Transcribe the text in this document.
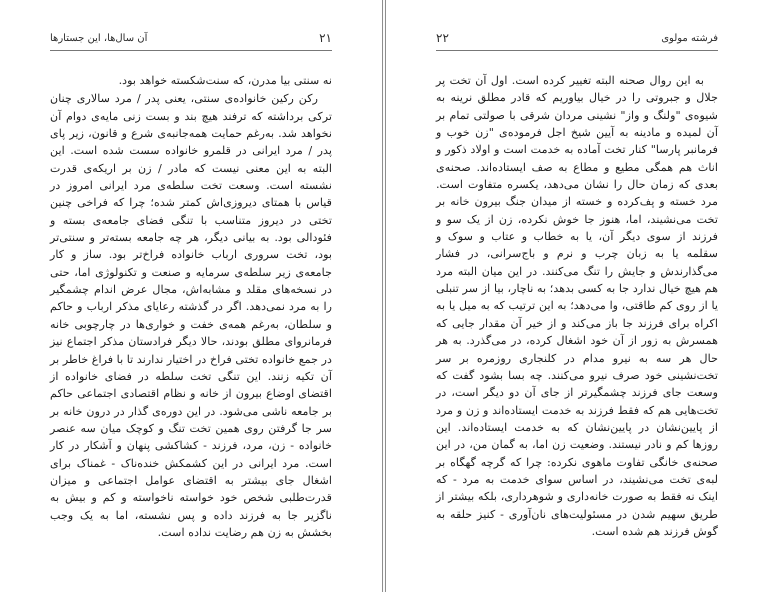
آن سال‌ها، این جستارها	۲۱

نه سنتی بیا مدرن، که سنت‌شکسته خواهد بود.

رکن رکین خانواده‌ی سنتی، یعنی پدر / مرد سالاری چنان ترکی برداشته که ترفند هیچ بند و بست زنی مایه‌ی دوام آن نخواهد شد. به‌رغم حمایت همه‌جانبه‌ی شرع و قانون، زیر پای پدر / مرد ایرانی در قلمرو خانواده سست شده است. این البته به این معنی نیست که مادر / زن بر اریکه‌ی قدرت نشسته است. وسعت تخت سلطه‌ی مرد ایرانی امروز در قیاس با همتای دیروزی‌اش کمتر شده؛ چرا که فراخی چنین تختی در دیروز متناسب با تنگی فضای جامعه‌ی بسته و فئودالی بود. به بیانی دیگر، هر چه جامعه بسته‌تر و سنتی‌تر بود، تخت سروری ارباب خانواده فراخ‌تر بود. ساز و کار جامعه‌ی زیر سلطه‌ی سرمایه و صنعت و تکنولوژی اما، حتی در نسخه‌های مقلد و مشابه‌اش، مجال عرض اندام چشمگیر را به مرد نمی‌دهد. اگر در گذشته رعایای مذکر ارباب و حاکم و سلطان، به‌رغم همه‌ی خفت و خواری‌ها در چارچوبی خانه فرمانروای مطلق بودند، حالا دیگر فرادستان مذکر اجتماع نیز در جمع خانواده تختی فراخ در اختیار ندارند تا با فراغ خاطر بر آن تکیه زنند. این تنگی تخت سلطه در فضای خانواده از اقتضای اوضاع بیرون از خانه و نظام اقتصادی اجتماعی حاکم بر جامعه ناشی می‌شود. در این دوره‌ی گذار در درون خانه بر سر جا گرفتن روی همین تخت تنگ و کوچک میان سه عنصر خانواده - زن، مرد، فرزند - کشاکشی پنهان و آشکار در کار است. مرد ایرانی در این کشمکش خنده‌ناک - غمناک برای اشغال جای بیشتر به اقتضای عوامل اجتماعی و میزان قدرت‌طلبی شخص خود خواسته ناخواسته و کم و بیش به ناگزیر جا به فرزند داده و پس نشسته، اما به یک وجب بخشش به زن هم رضایت نداده است.

۲۲	فرشته مولوی

به این روال صحنه البته تغییر کرده است. اول آن تخت پر جلال و جبروتی را در خیال بیاوریم که قادر مطلق نرینه به شیوه‌ی "ولنگ و واز" نشینی مردان شرقی با صولتی تمام بر آن لمیده و مادینه به آیین شیخ اجل فرموده‌ی "زن خوب و فرمانبر پارسا" کنار تخت آماده به خدمت است و اولاد ذکور و اناث هم همگی مطیع و مطاع به صف ایستاده‌اند. صحنه‌ی بعدی که زمان حال را نشان می‌دهد، یکسره متفاوت است. مرد خسته و پف‌کرده و خسته از میدان جنگ بیرون خانه بر تخت می‌نشیند، اما، هنوز جا خوش نکرده، زن از یک سو و فرزند از سوی دیگر آن، یا به خطاب و عتاب و سوک و سقلمه یا به زبان چرب و نرم و باج‌سرانی، در فشار می‌گذارندش و جایش را تنگ می‌کنند. در این میان البته مرد هم هیچ خیال ندارد جا به کسی بدهد؛ به ناچار، بیا از سر تنبلی یا از روی کم طاقتی، وا می‌دهد؛ به این ترتیب که به میل یا به اکراه برای فرزند جا باز می‌کند و از خیر آن مقدار جایی که همسرش به زور از آن خود اشغال کرده، در می‌گذرد. به هر حال هر سه به نیرو مدام در کلنجاری روزمره بر سر تخت‌نشینی خود صرف نیرو می‌کنند. چه بسا بشود گفت که وسعت جای فرزند چشمگیرتر از جای آن دو دیگر است، در تخت‌هایی هم که فقط فرزند به خدمت ایستاده‌اند و زن و مرد از پایین‌نشان در پایین‌نشان که به خدمت ایستاده‌اند. این روزها کم و نادر نیستند. وضعیت زن اما، به گمان من، در این صحنه‌ی خانگی تفاوت ماهوی نکرده: چرا که گرچه گهگاه بر لبه‌ی تخت می‌نشیند، در اساس سوای خدمت به مرد - که اینک نه فقط به صورت خانه‌داری و شوهرداری، بلکه بیشتر از طریق سهیم شدن در مسئولیت‌های نان‌آوری - کنیز حلقه به گوش فرزند هم شده است.
